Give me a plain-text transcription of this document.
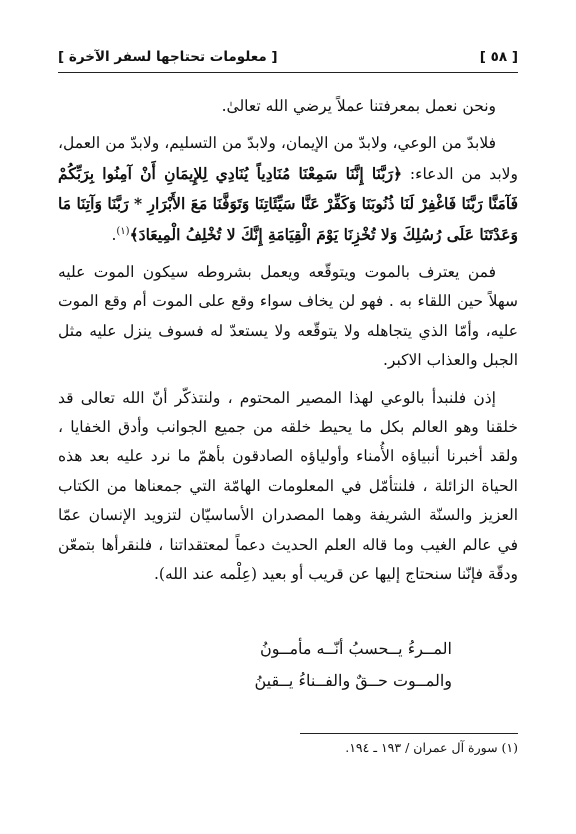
[ ٥٨ ]
[ معلومات تحتاجها لسفر الآخرة ]

ونحن نعمل بمعرفتنا عملاً يرضي الله تعالىٰ.

فلابدّ من الوعي، ولابدّ من الإيمان، ولابدّ من التسليم، ولابدّ من العمل، ولابد من الدعاء: ﴿رَبَّنَا إِنَّنَا سَمِعْنَا مُنَادِياً يُنَادِي لِلإِيمَانِ أَنْ آمِنُوا بِرَبِّكُمْ فَآمَنَّا رَبَّنَا فَاغْفِرْ لَنَا ذُنُوبَنَا وَكَفِّرْ عَنَّا سَيِّئَاتِنَا وَتَوَفَّنَا مَعَ الأَبْرَارِ * رَبَّنَا وَآتِنَا مَا وَعَدْتَنَا عَلَى رُسُلِكَ وَلا تُخْزِنَا يَوْمَ الْقِيَامَةِ إِنَّكَ لا تُخْلِفُ الْمِيعَادَ﴾$^{(١)}$.

فمن يعترف بالموت ويتوقّعه ويعمل بشروطه سيكون الموت عليه سهلاً حين اللقاء به . فهو لن يخاف سواء وقع على الموت أم وقع الموت عليه، وأمّا الذي يتجاهله ولا يتوقّعه ولا يستعدّ له فسوف ينزل عليه مثل الجبل والعذاب الاكبر.

إذن فلنبدأ بالوعي لهذا المصير المحتوم ، ولنتذكّر أنّ الله تعالى قد خلقنا وهو العالم بكل ما يحيط خلقه من جميع الجوانب وأدق الخفايا ، ولقد أخبرنا أنبياؤه الأُمناء وأولياؤه الصادقون بأهمّ ما نرد عليه بعد هذه الحياة الزائلة ، فلنتأمّل في المعلومات الهامّة التي جمعناها من الكتاب العزيز والسنّة الشريفة وهما المصدران الأساسيّان لتزويد الإنسان عمّا في عالم الغيب وما قاله العلم الحديث دعماً لمعتقداتنا ، فلنقرأها بتمعّن ودقّة فإنّنا سنحتاج إليها عن قريب أو بعيد (عِلْمه عند الله).

المــرءُ يــحسبُ أنّــه مأمــونُ
والمــوت حــقٌ والفــناءُ يــقينُ
(١) سورة آل عمران / ١٩٣ ـ ١٩٤.
